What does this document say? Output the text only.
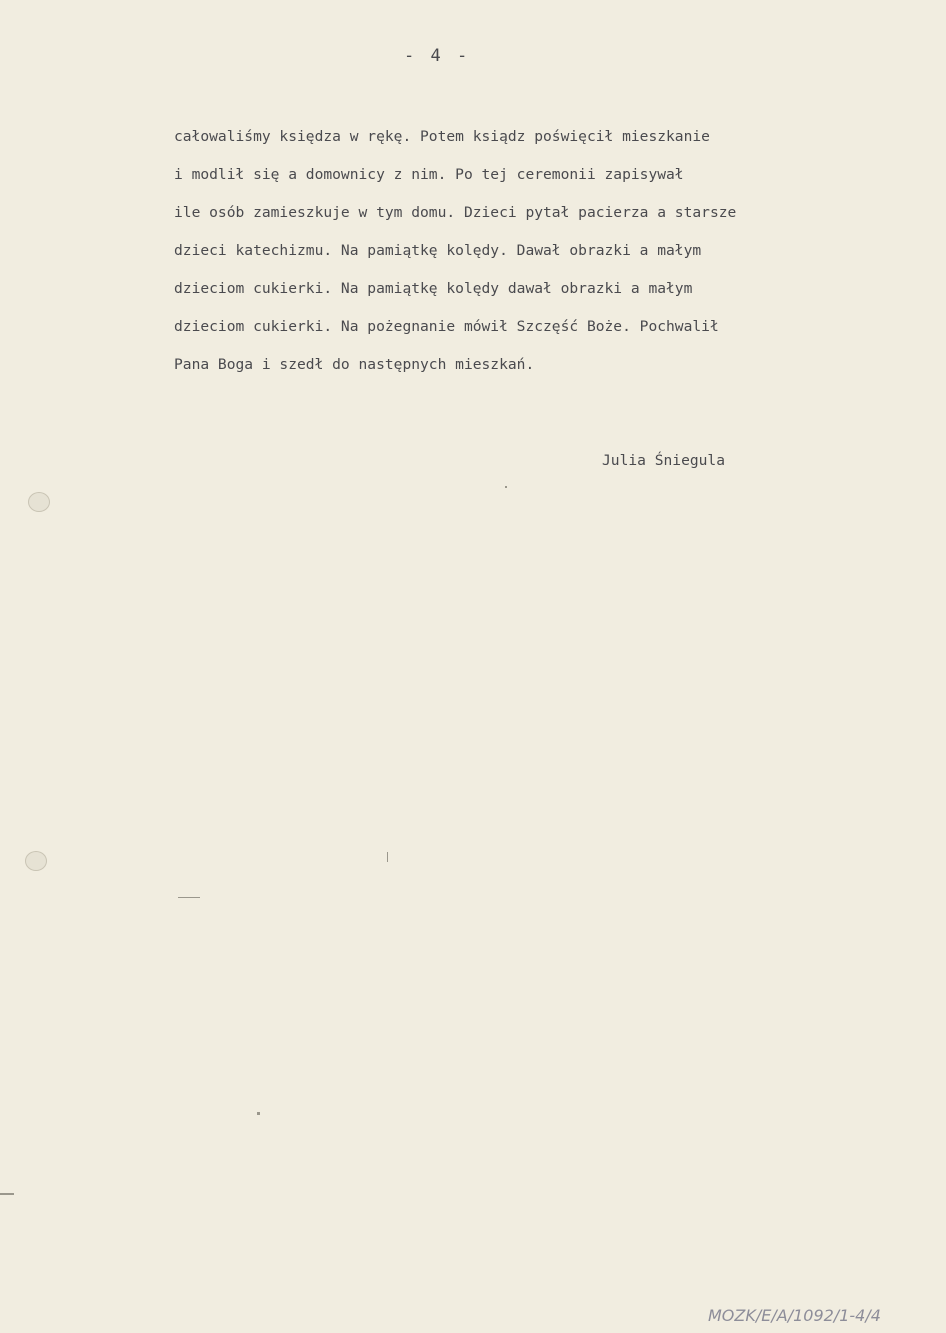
- 4 -
całowaliśmy księdza w rękę. Potem ksiądz poświęcił mieszkanie
i modlił się a domownicy z nim. Po tej ceremonii zapisywał
ile osób zamieszkuje w tym domu. Dzieci pytał pacierza a starsze
dzieci katechizmu. Na pamiątkę kolędy. Dawał obrazki a małym
dzieciom cukierki. Na pamiątkę kolędy dawał obrazki a małym
dzieciom cukierki. Na pożegnanie mówił Szczęść Boże. Pochwalił
Pana Boga i szedł do następnych mieszkań.
Julia Śniegula
MOZK/E/A/1092/1-4/4
